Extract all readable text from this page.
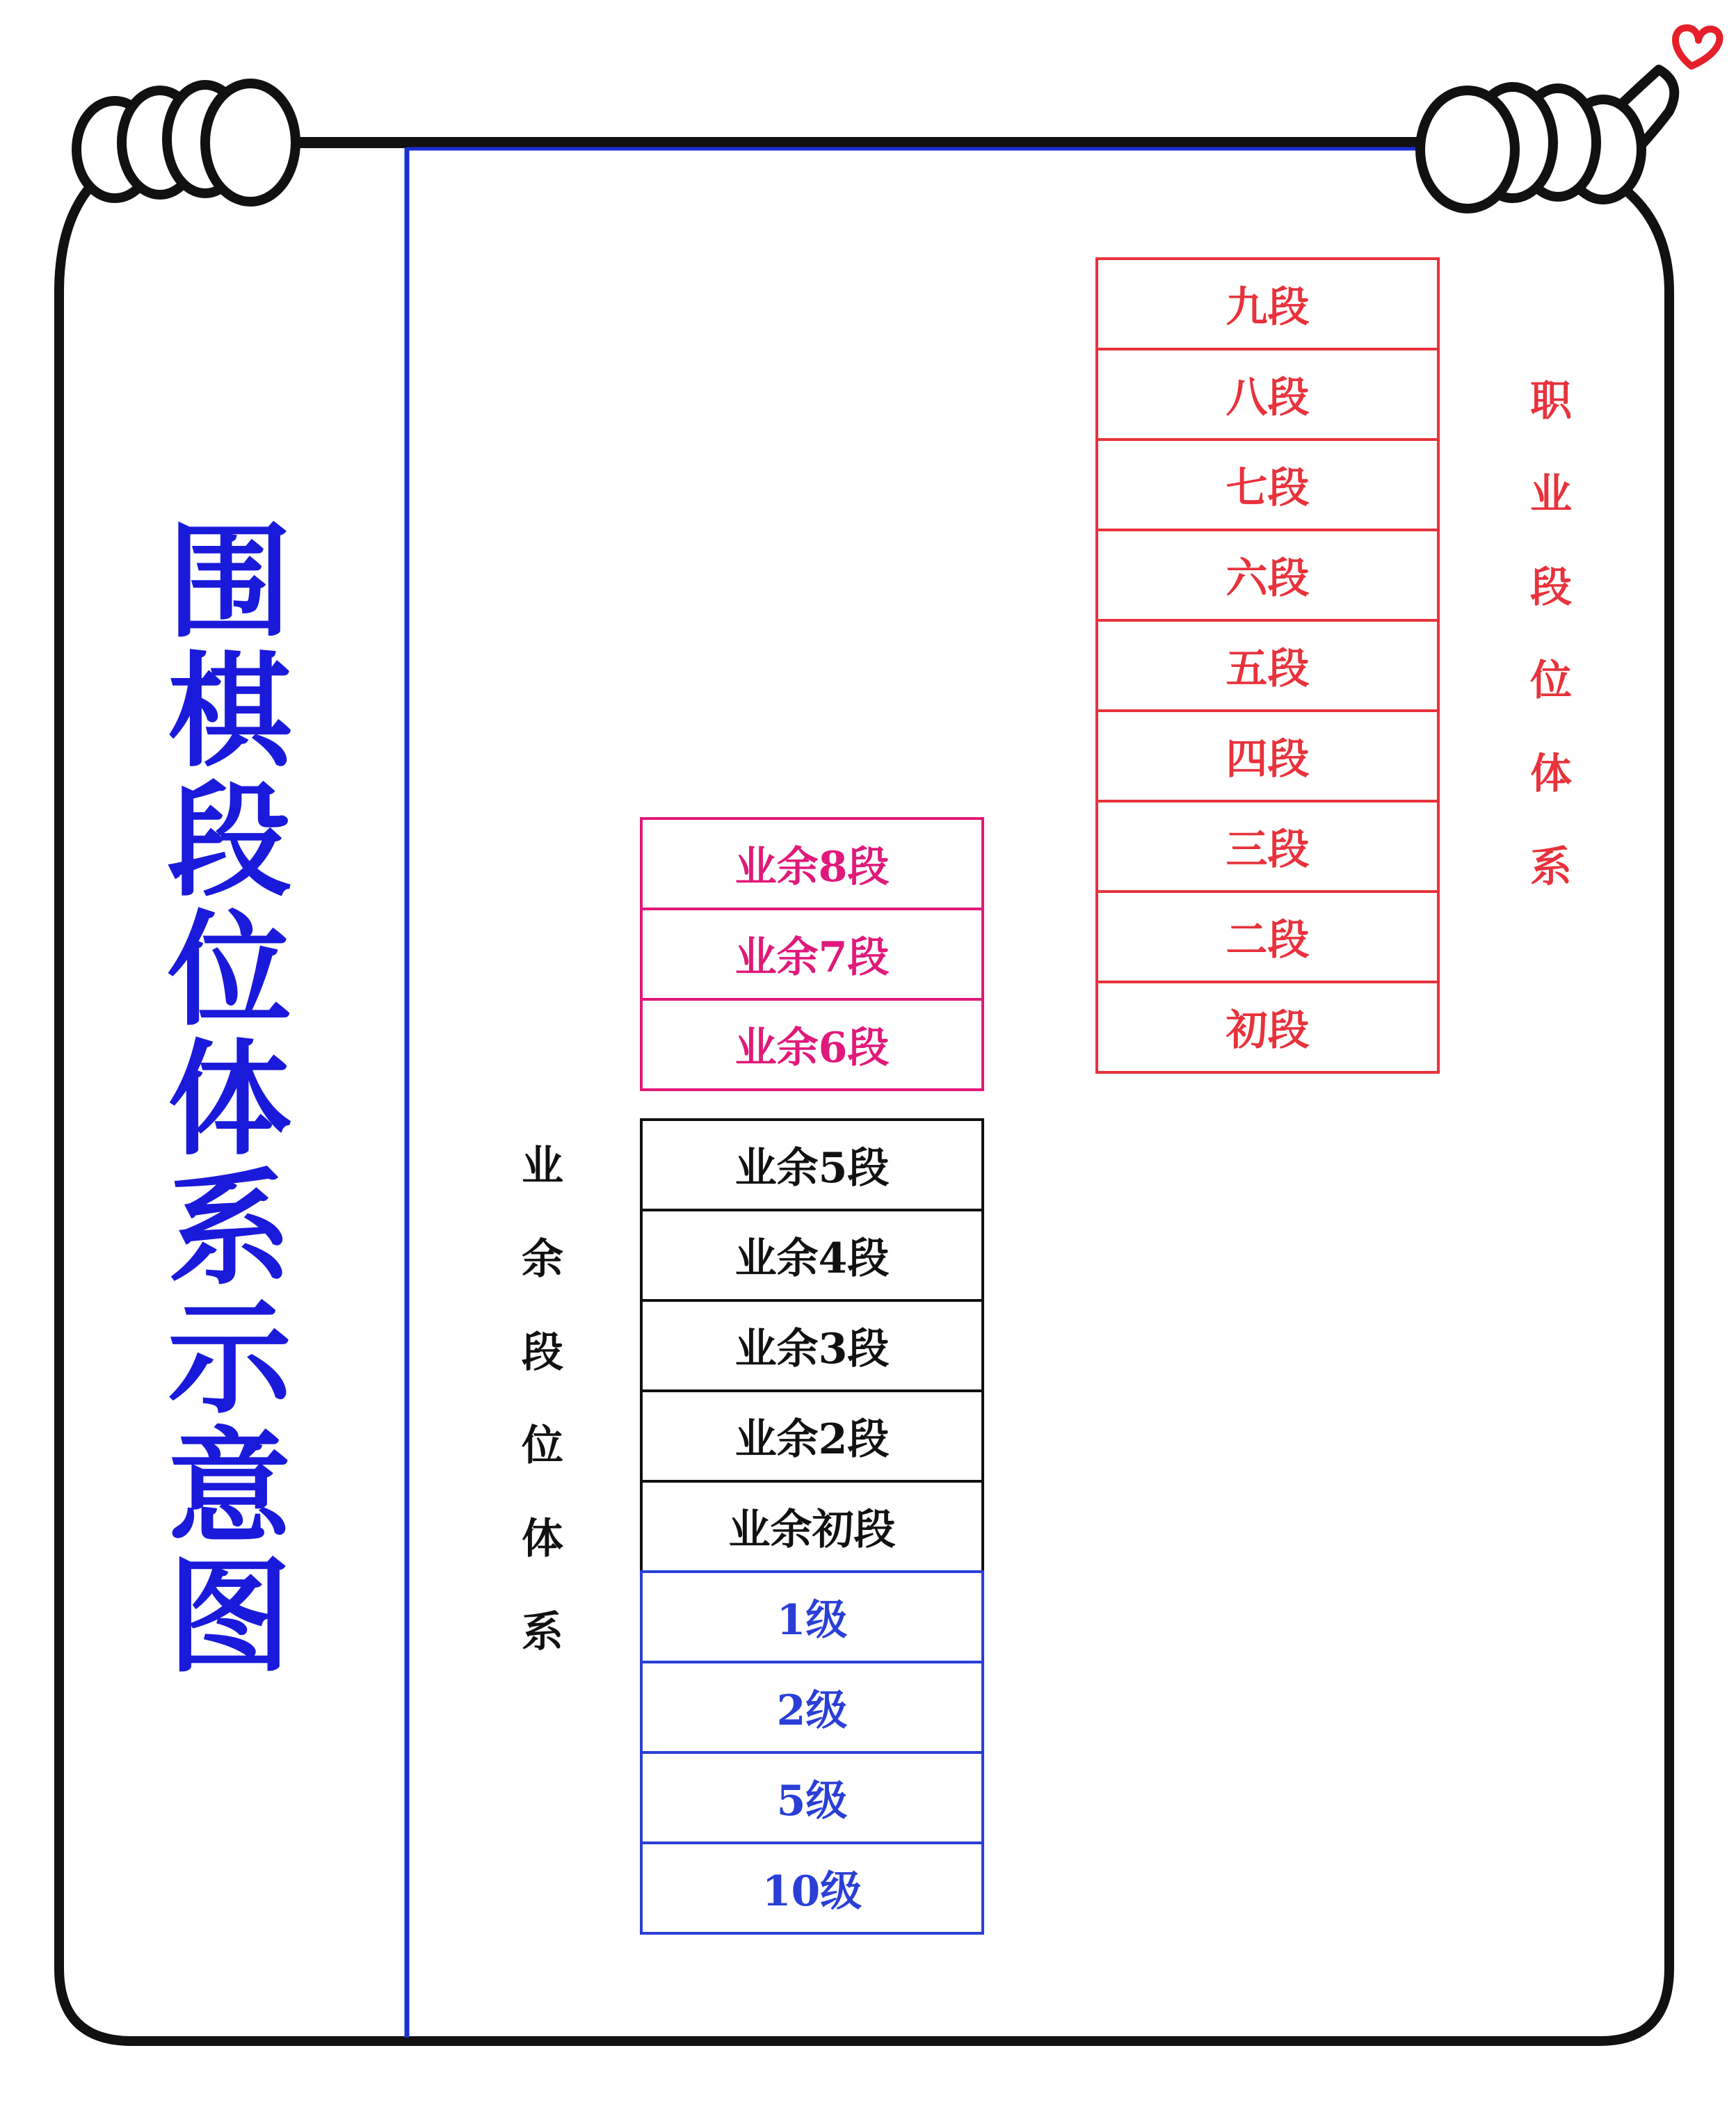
围
棋
段
位
体
系
示
意
图
九段
八段
七段
六段
五段
四段
三段
二段
初段
职
业
段
位
体
系
业余8段
业余7段
业余6段
业余5段
业余4段
业余3段
业余2段
业余初段
1级
2级
5级
10级
业
余
段
位
体
系
